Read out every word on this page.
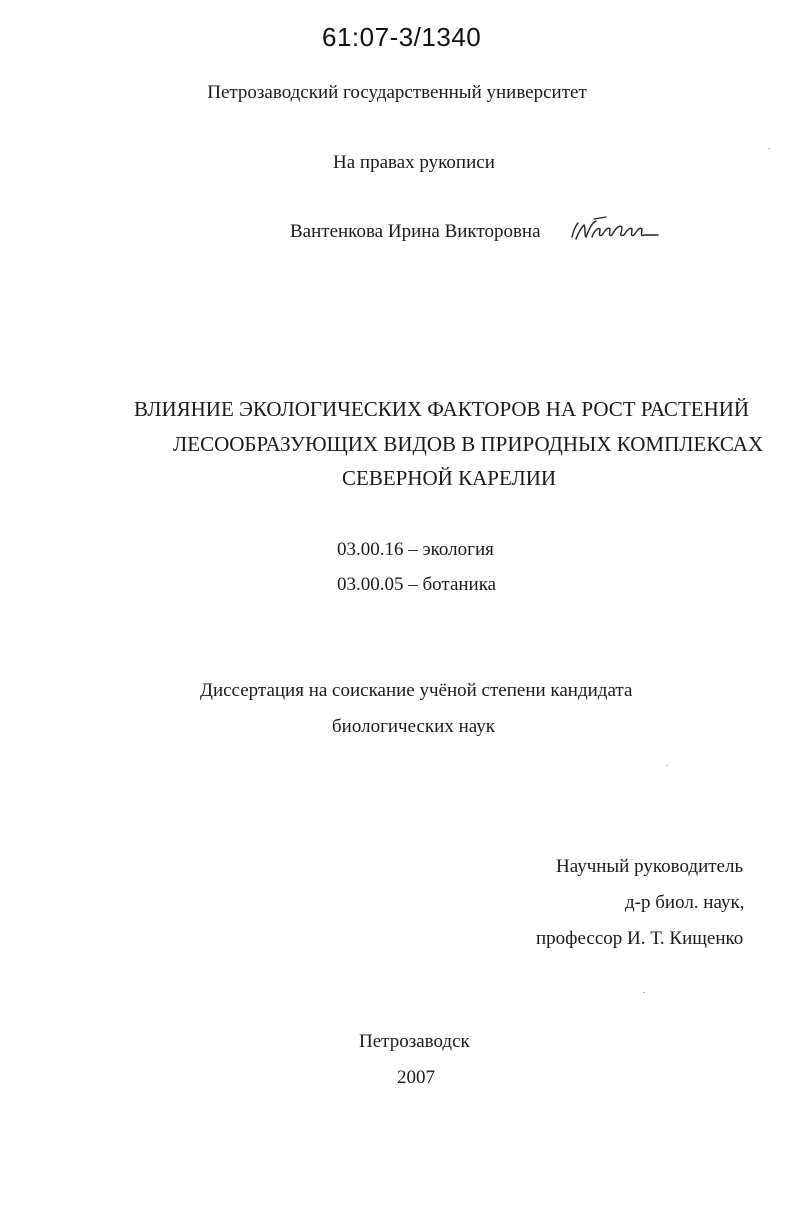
61:07-3/1340
Петрозаводский государственный университет
На правах рукописи
Вантенкова Ирина Викторовна
ВЛИЯНИЕ ЭКОЛОГИЧЕСКИХ ФАКТОРОВ НА РОСТ РАСТЕНИЙ
ЛЕСООБРАЗУЮЩИХ ВИДОВ В ПРИРОДНЫХ КОМПЛЕКСАХ
СЕВЕРНОЙ КАРЕЛИИ
03.00.16 – экология
03.00.05 – ботаника
Диссертация на соискание учёной степени кандидата
биологических наук
Научный руководитель
д-р биол. наук,
профессор И. Т. Кищенко
Петрозаводск
2007
